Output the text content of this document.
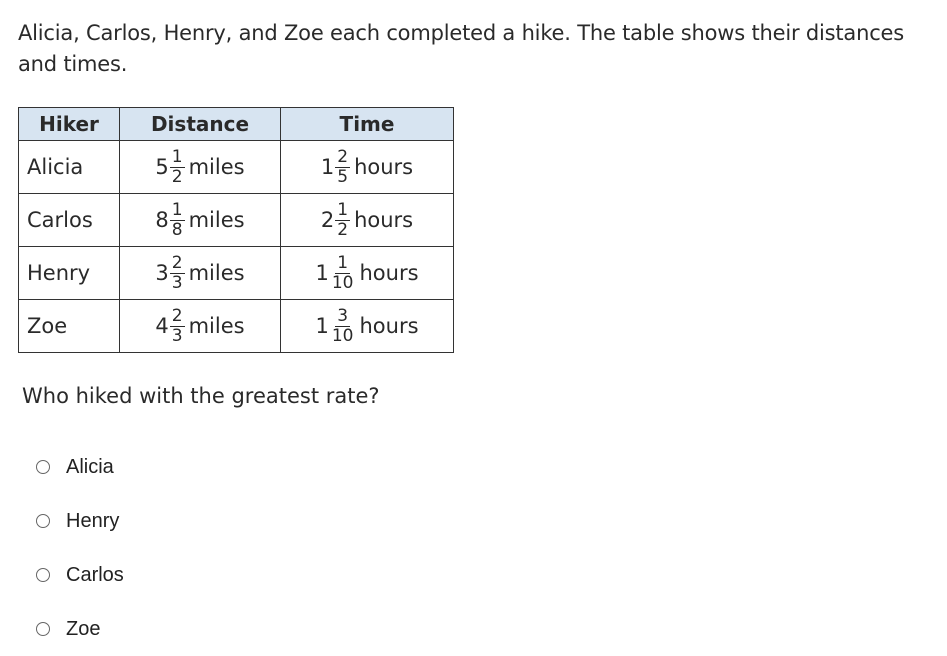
Alicia, Carlos, Henry, and Zoe each completed a hike. The table shows their distances and times.

Hiker	Distance	Time
Alicia	$5 \frac{1}{2}$ miles	$1 \frac{2}{5}$ hours

Carlos	$8 \frac{1}{8}$ miles	$2 \frac{1}{2}$ hours

Henry	$3 \frac{2}{3}$ miles	$1 \frac{1}{10}$ hours

Zoe	$4 \frac{2}{3}$ miles	$1 \frac{3}{10}$ hours

Who hiked with the greatest rate?

Alicia
Henry
Carlos
Zoe
